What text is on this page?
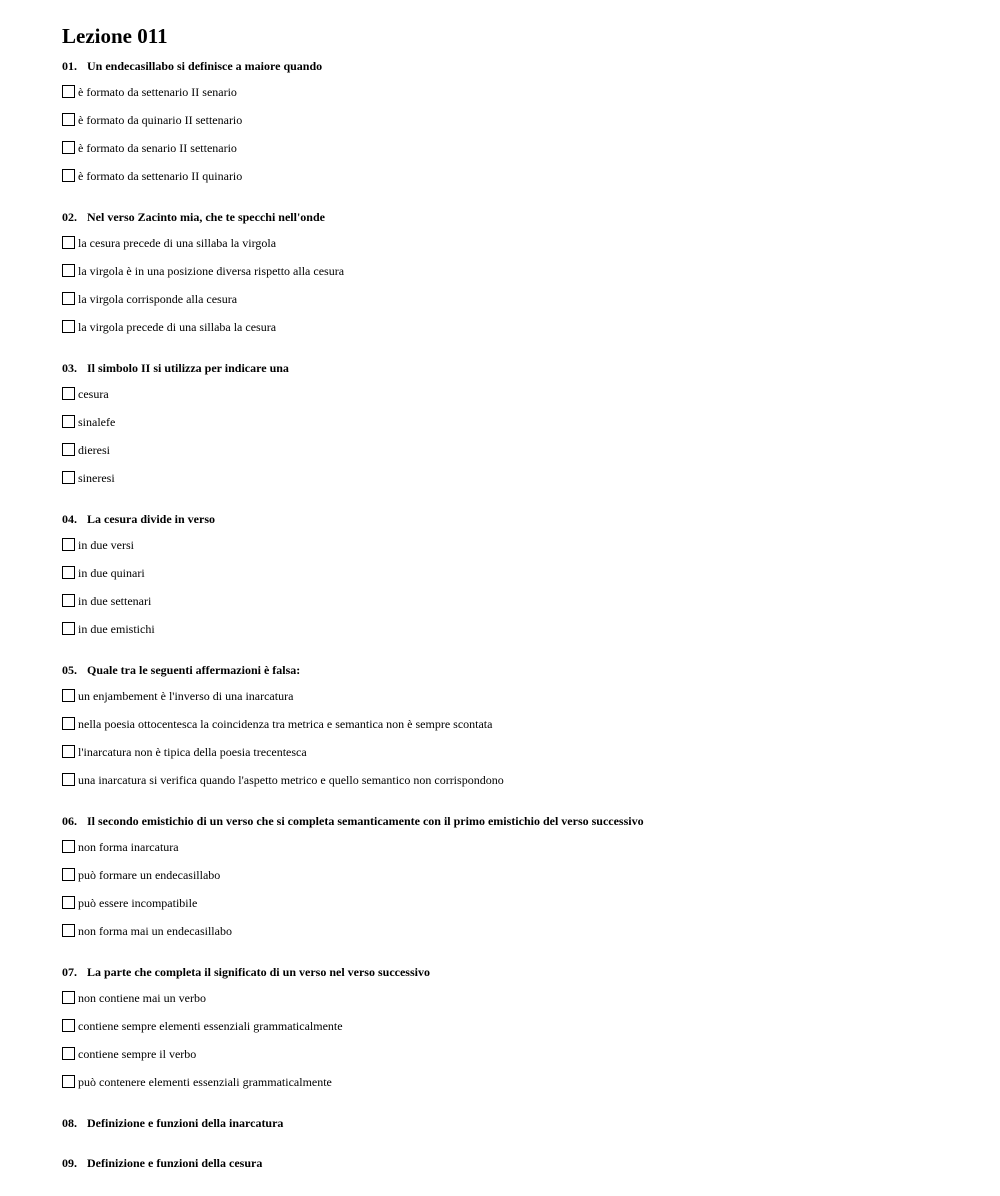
Lezione 011
01. Un endecasillabo si definisce a maiore quando
è formato da settenario II senario
è formato da quinario II settenario
è formato da senario II settenario
è formato da settenario II quinario
02. Nel verso Zacinto mia, che te specchi nell'onde
la cesura precede di una sillaba la virgola
la virgola è in una posizione diversa rispetto alla cesura
la virgola corrisponde alla cesura
la virgola precede di una sillaba la cesura
03. Il simbolo II si utilizza per indicare una
cesura
sinalefe
dieresi
sineresi
04. La cesura divide in verso
in due versi
in due quinari
in due settenari
in due emistichi
05. Quale tra le seguenti affermazioni è falsa:
un enjambement è l'inverso di una inarcatura
nella poesia ottocentesca la coincidenza tra metrica e semantica non è sempre scontata
l'inarcatura non è tipica della poesia trecentesca
una inarcatura si verifica quando l'aspetto metrico e quello semantico non corrispondono
06. Il secondo emistichio di un verso che si completa semanticamente con il primo emistichio del verso successivo
non forma inarcatura
può formare un endecasillabo
può essere incompatibile
non forma mai un endecasillabo
07. La parte che completa il significato di un verso nel verso successivo
non contiene mai un verbo
contiene sempre elementi essenziali grammaticalmente
contiene sempre il verbo
può contenere elementi essenziali grammaticalmente
08. Definizione e funzioni della inarcatura
09. Definizione e funzioni della cesura
